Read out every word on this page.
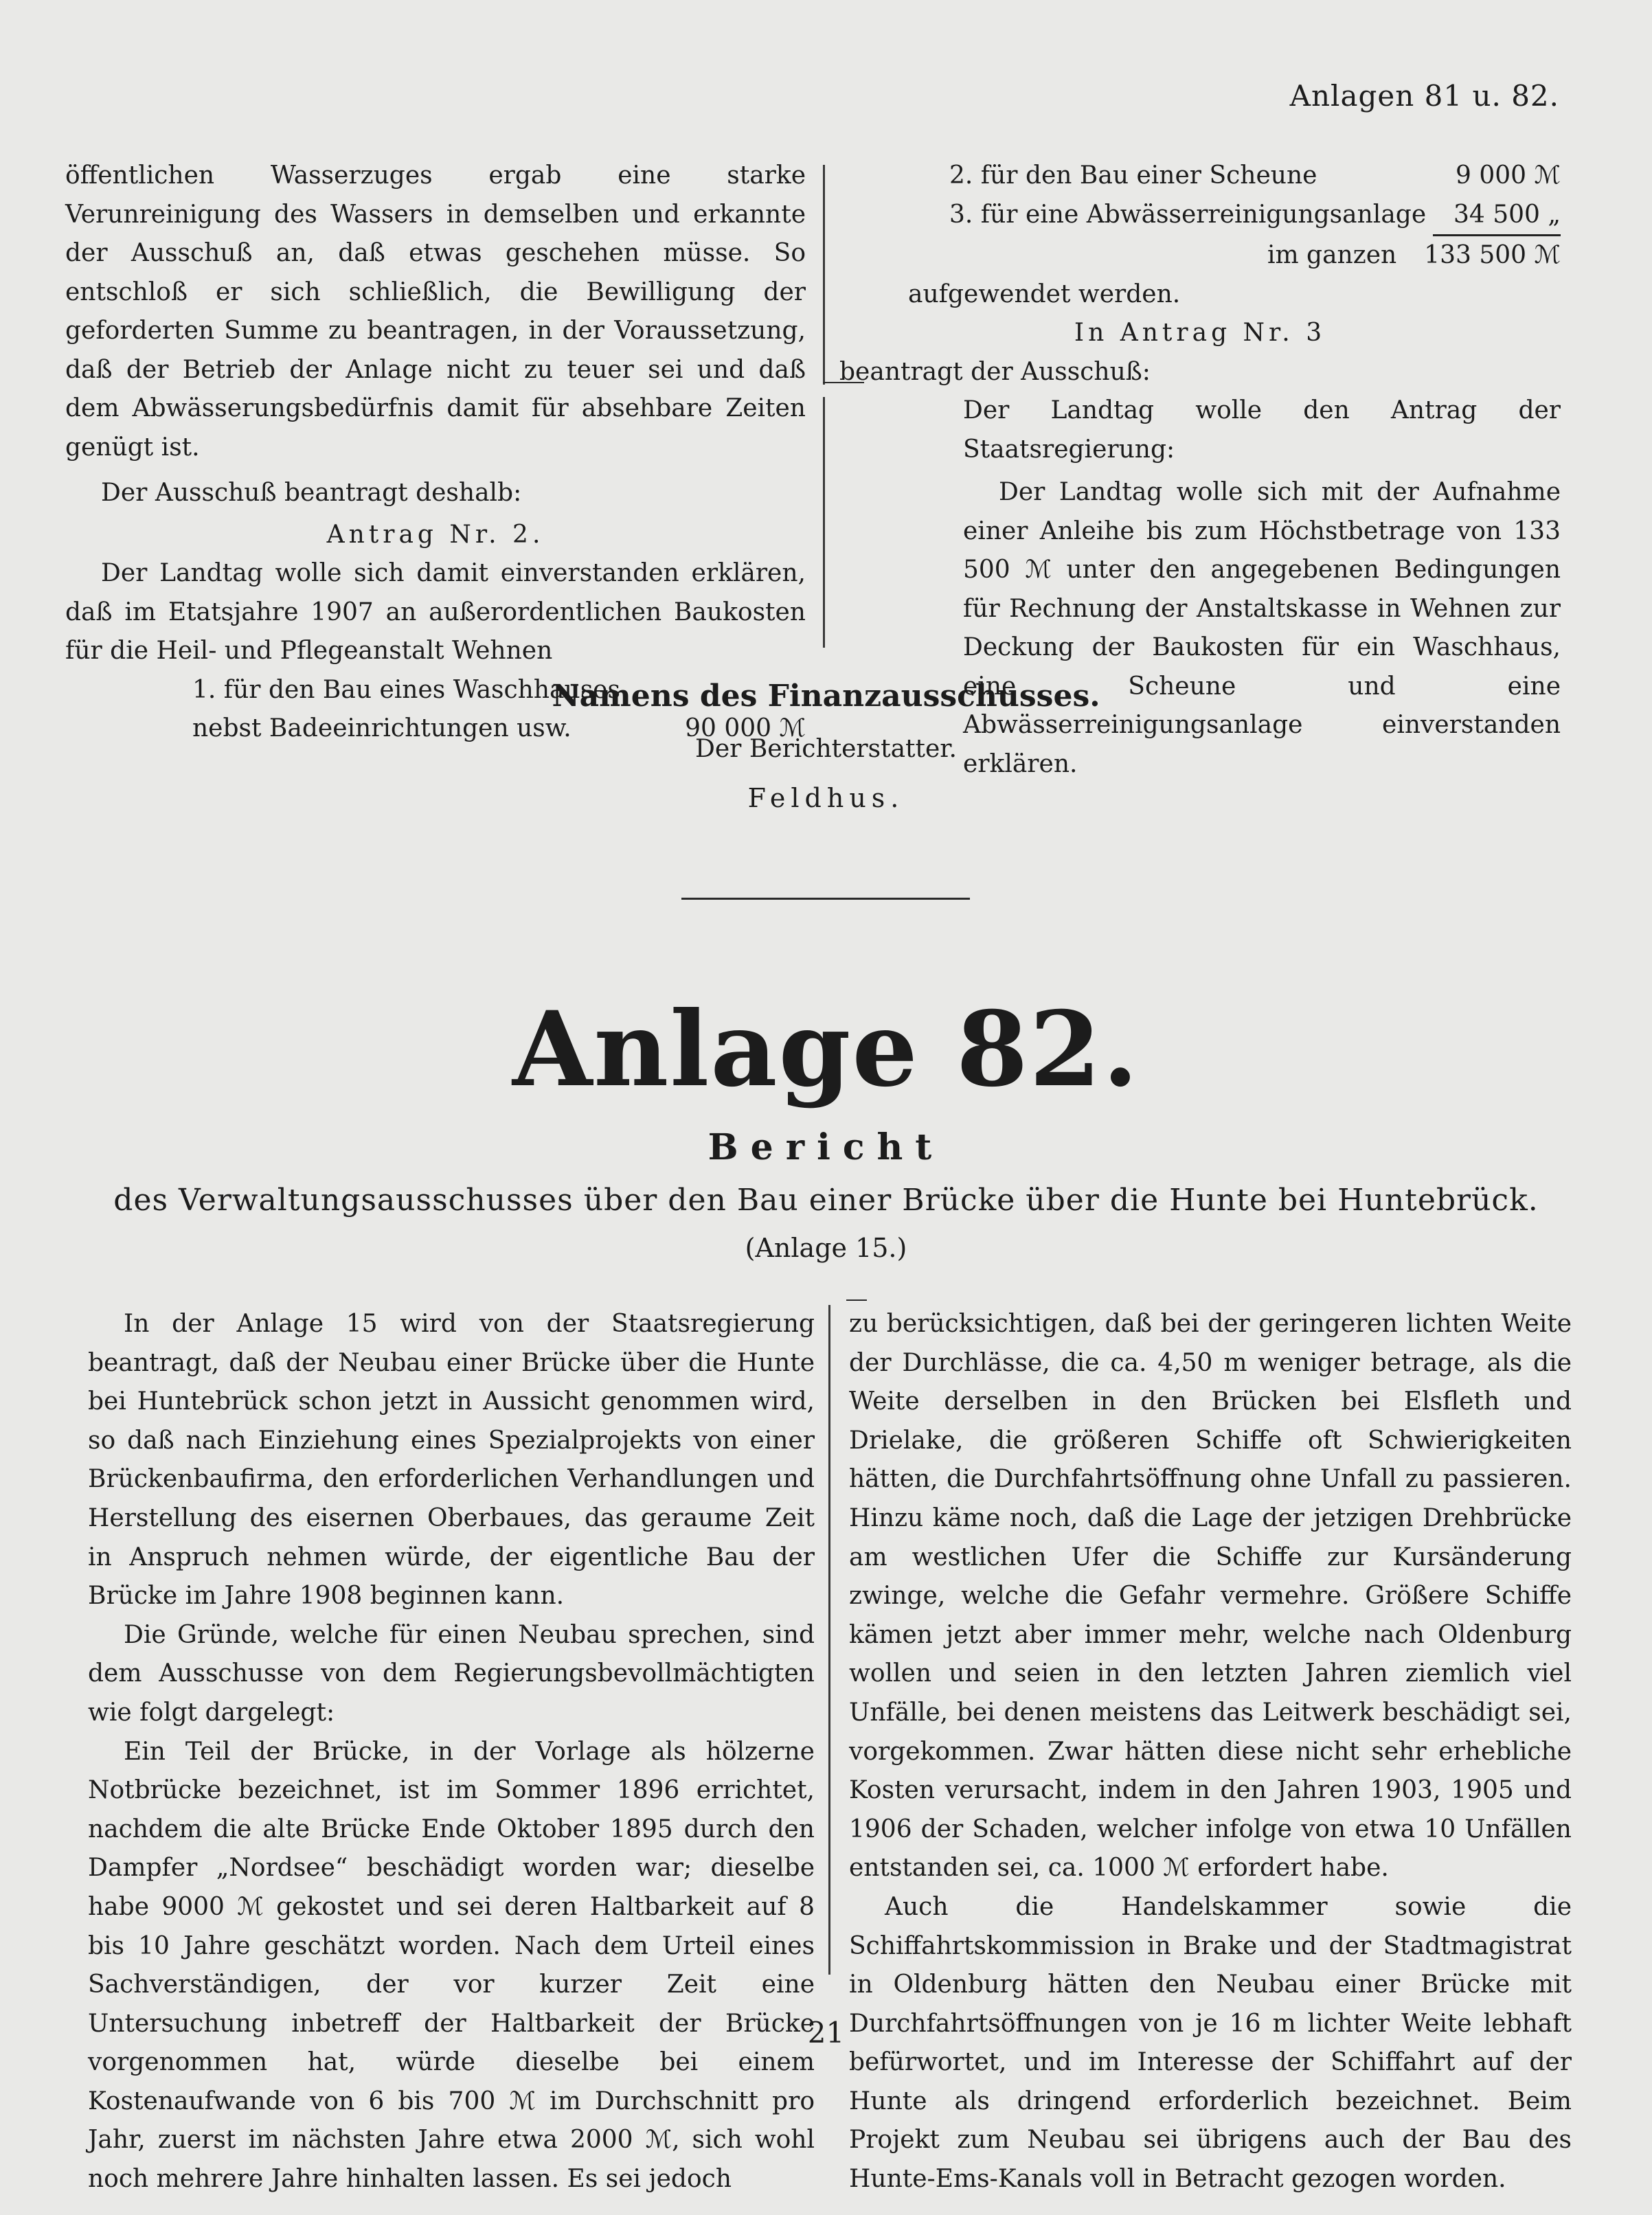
Anlagen 81 u. 82.

öffentlichen Wasserzuges ergab eine starke Verunreinigung des Wassers in demselben und erkannte der Ausschuß an, daß etwas geschehen müsse. So entschloß er sich schließlich, die Bewilligung der geforderten Summe zu beantragen, in der Voraussetzung, daß der Betrieb der Anlage nicht zu teuer sei und daß dem Abwässerungsbedürfnis damit für absehbare Zeiten genügt ist.

Der Ausschuß beantragt deshalb:

Antrag Nr. 2.

Der Landtag wolle sich damit einverstanden erklären, daß im Etatsjahre 1907 an außerordentlichen Baukosten für die Heil- und Pflegeanstalt Wehnen

1. für den Bau eines Waschhauses nebst Badeeinrichtungen usw.	90 000 ℳ
2. für den Bau einer Scheune	9 000 ℳ
3. für eine Abwässerreinigungsanlage	34 500 „
im ganzen 133 500 ℳ

aufgewendet werden.

In Antrag Nr. 3

beantragt der Ausschuß:

Der Landtag wolle den Antrag der Staatsregierung:

Der Landtag wolle sich mit der Aufnahme einer Anleihe bis zum Höchstbetrage von 133 500 ℳ unter den angegebenen Bedingungen für Rechnung der Anstaltskasse in Wehnen zur Deckung der Baukosten für ein Waschhaus, eine Scheune und eine Abwässerreinigungsanlage einverstanden erklären.

Namens des Finanzausschusses.
Der Berichterstatter.
Feldhus.
Anlage 82.
Bericht
des Verwaltungsausschusses über den Bau einer Brücke über die Hunte bei Huntebrück.
(Anlage 15.)

In der Anlage 15 wird von der Staatsregierung beantragt, daß der Neubau einer Brücke über die Hunte bei Huntebrück schon jetzt in Aussicht genommen wird, so daß nach Einziehung eines Spezialprojekts von einer Brückenbaufirma, den erforderlichen Verhandlungen und Herstellung des eisernen Oberbaues, das geraume Zeit in Anspruch nehmen würde, der eigentliche Bau der Brücke im Jahre 1908 beginnen kann.

Die Gründe, welche für einen Neubau sprechen, sind dem Ausschusse von dem Regierungsbevollmächtigten wie folgt dargelegt:

Ein Teil der Brücke, in der Vorlage als hölzerne Notbrücke bezeichnet, ist im Sommer 1896 errichtet, nachdem die alte Brücke Ende Oktober 1895 durch den Dampfer „Nordsee“ beschädigt worden war; dieselbe habe 9000 ℳ gekostet und sei deren Haltbarkeit auf 8 bis 10 Jahre geschätzt worden. Nach dem Urteil eines Sachverständigen, der vor kurzer Zeit eine Untersuchung inbetreff der Haltbarkeit der Brücke vorgenommen hat, würde dieselbe bei einem Kostenaufwande von 6 bis 700 ℳ im Durchschnitt pro Jahr, zuerst im nächsten Jahre etwa 2000 ℳ, sich wohl noch mehrere Jahre hinhalten lassen. Es sei jedoch

zu berücksichtigen, daß bei der geringeren lichten Weite der Durchlässe, die ca. 4,50 m weniger betrage, als die Weite derselben in den Brücken bei Elsfleth und Drielake, die größeren Schiffe oft Schwierigkeiten hätten, die Durchfahrtsöffnung ohne Unfall zu passieren. Hinzu käme noch, daß die Lage der jetzigen Drehbrücke am westlichen Ufer die Schiffe zur Kursänderung zwinge, welche die Gefahr vermehre. Größere Schiffe kämen jetzt aber immer mehr, welche nach Oldenburg wollen und seien in den letzten Jahren ziemlich viel Unfälle, bei denen meistens das Leitwerk beschädigt sei, vorgekommen. Zwar hätten diese nicht sehr erhebliche Kosten verursacht, indem in den Jahren 1903, 1905 und 1906 der Schaden, welcher infolge von etwa 10 Unfällen entstanden sei, ca. 1000 ℳ erfordert habe.

Auch die Handelskammer sowie die Schiffahrtskommission in Brake und der Stadtmagistrat in Oldenburg hätten den Neubau einer Brücke mit Durchfahrtsöffnungen von je 16 m lichter Weite lebhaft befürwortet, und im Interesse der Schiffahrt auf der Hunte als dringend erforderlich bezeichnet. Beim Projekt zum Neubau sei übrigens auch der Bau des Hunte-Ems-Kanals voll in Betracht gezogen worden.

21
